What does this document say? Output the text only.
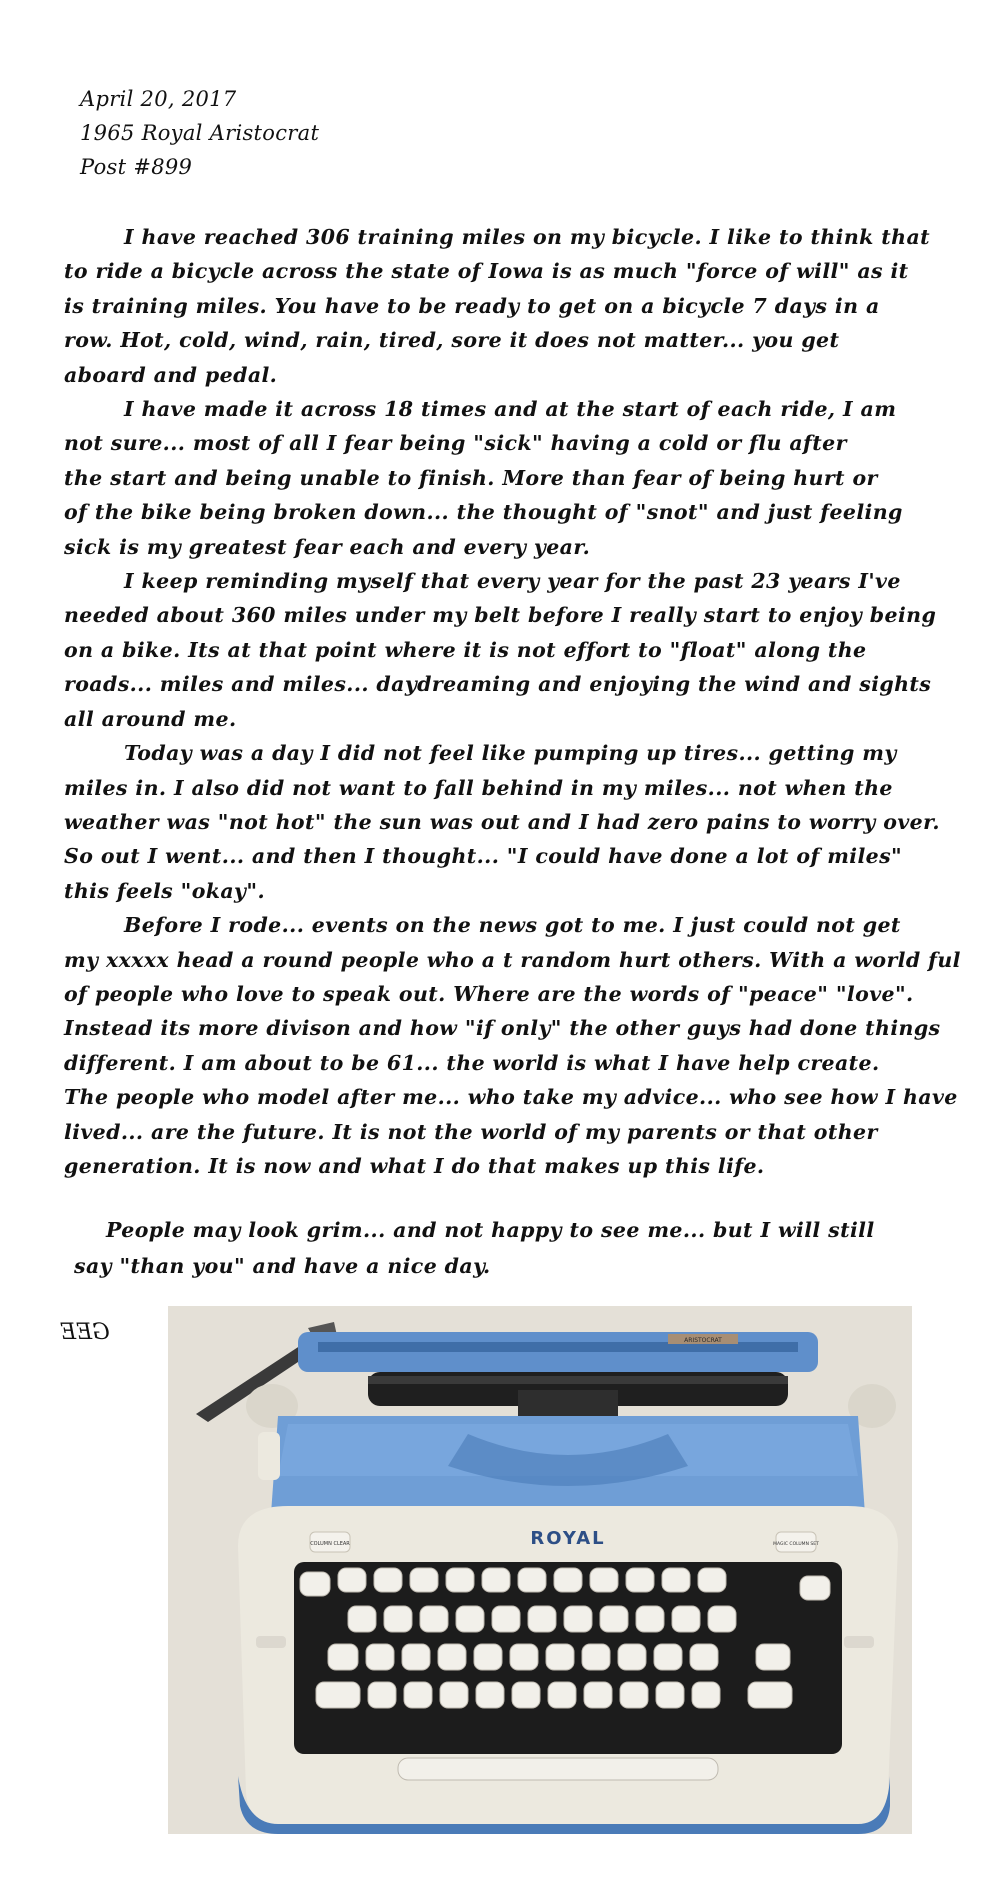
April 20, 2017
1965 Royal Aristocrat
Post #899
I have reached 306 training miles on my bicycle. I like to think that
to ride a bicycle across the state of Iowa is as much "force of will" as it
is training miles. You have to be ready to get on a bicycle 7 days in a
row. Hot, cold, wind, rain, tired, sore it does not matter... you get
aboard and pedal.
I have made it across 18 times and at the start of each ride, I am
not sure... most of all I fear being "sick" having a cold or flu after
the start and being unable to finish. More than fear of being hurt or
of the bike being broken down... the thought of "snot" and just feeling
sick is my greatest fear each and every year.
I keep reminding myself that every year for the past 23 years I've
needed about 360 miles under my belt before I really start to enjoy being
on a bike. Its at that point where it is not effort to "float" along the
roads... miles and miles... daydreaming and enjoying the wind and sights
all around me.
Today was a day I did not feel like pumping up tires... getting my
miles in. I also did not want to fall behind in my miles... not when the
weather was "not hot" the sun was out and I had zero pains to worry over.
So out I went... and then I thought... "I could have done a lot of miles"
this feels "okay".
Before I rode... events on the news got to me. I just could not get
my xxxxx head a round people who a t random hurt others. With a world ful
of people who love to speak out. Where are the words of "peace" "love".
Instead its more divison and how "if only" the other guys had done things
different. I am about to be 61... the world is what I have help create.
The people who model after me... who take my advice... who see how I have
lived... are the future. It is not the world of my parents or that other
generation. It is now and what I do that makes up this life.
People may look grim... and not happy to see me... but I will still
say "than you" and have a nice day.
GEE	ARISTOCRAT
ROYAL
COLUMN CLEAR	MAGIC COLUMN SET
